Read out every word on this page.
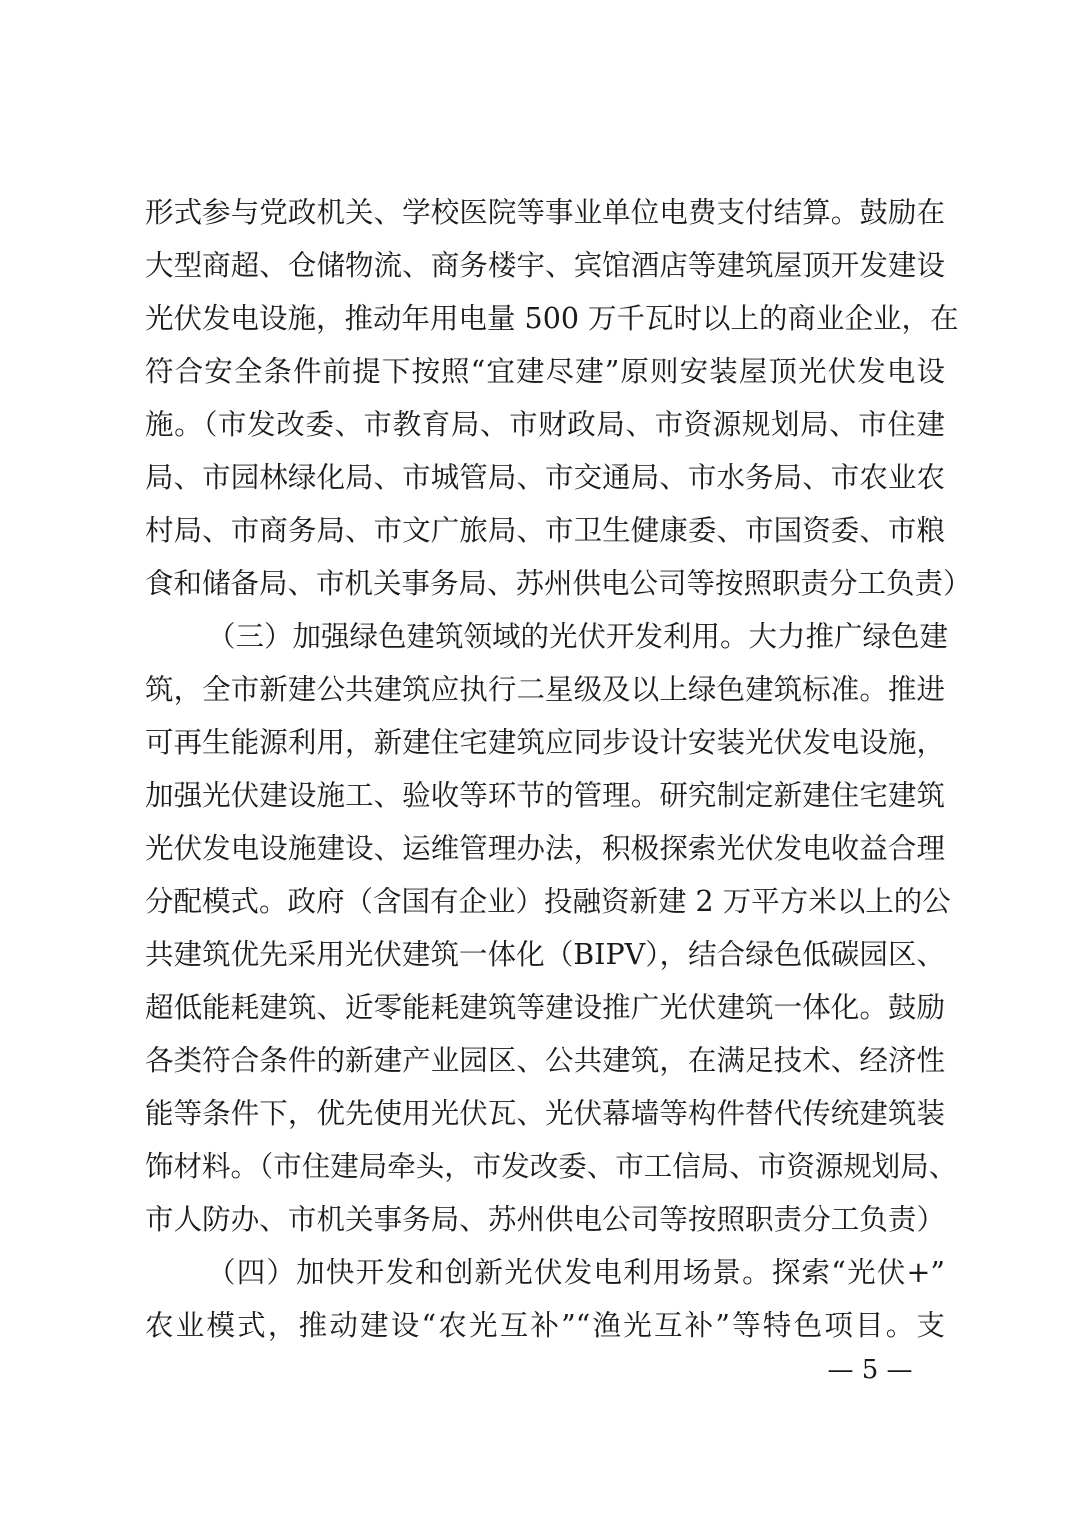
形式参与党政机关、学校医院等事业单位电费支付结算。鼓励在
大型商超、仓储物流、商务楼宇、宾馆酒店等建筑屋顶开发建设
光伏发电设施，推动年用电量 500 万千瓦时以上的商业企业，在
符合安全条件前提下按照“宜建尽建”原则安装屋顶光伏发电设
施。（市发改委、市教育局、市财政局、市资源规划局、市住建
局、市园林绿化局、市城管局、市交通局、市水务局、市农业农
村局、市商务局、市文广旅局、市卫生健康委、市国资委、市粮
食和储备局、市机关事务局、苏州供电公司等按照职责分工负责）
（三）加强绿色建筑领域的光伏开发利用。大力推广绿色建
筑，全市新建公共建筑应执行二星级及以上绿色建筑标准。推进
可再生能源利用，新建住宅建筑应同步设计安装光伏发电设施，
加强光伏建设施工、验收等环节的管理。研究制定新建住宅建筑
光伏发电设施建设、运维管理办法，积极探索光伏发电收益合理
分配模式。政府（含国有企业）投融资新建 2 万平方米以上的公
共建筑优先采用光伏建筑一体化（BIPV），结合绿色低碳园区、
超低能耗建筑、近零能耗建筑等建设推广光伏建筑一体化。鼓励
各类符合条件的新建产业园区、公共建筑，在满足技术、经济性
能等条件下，优先使用光伏瓦、光伏幕墙等构件替代传统建筑装
饰材料。（市住建局牵头，市发改委、市工信局、市资源规划局、
市人防办、市机关事务局、苏州供电公司等按照职责分工负责）
（四）加快开发和创新光伏发电利用场景。探索“光伏+”
农业模式，推动建设“农光互补”“渔光互补”等特色项目。支
— 5 —
